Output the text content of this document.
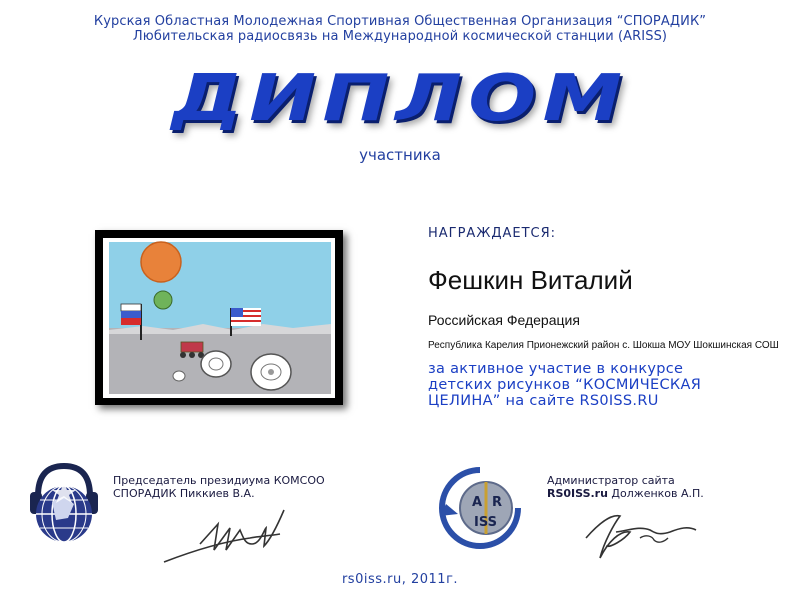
Курская Областная Молодежная Спортивная Общественная Организация “СПОРАДИК”
Любительская радиосвязь на Международной космической станции (ARISS)
ДИПЛОМ
участника
НАГРАЖДАЕТСЯ:
Фешкин Виталий
Российская Федерация
Республика Карелия Прионежский район с. Шокша МОУ Шокшинская СОШ
за активное участие в конкурсе
детских рисунков “КОСМИЧЕСКАЯ
ЦЕЛИНА” на сайте RS0ISS.RU
Председатель президиума КОМСОО
СПОРАДИК Пиккиев В.А.
A R
ISS
Администратор сайта
RS0ISS.ru Долженков А.П.
rs0iss.ru, 2011г.
